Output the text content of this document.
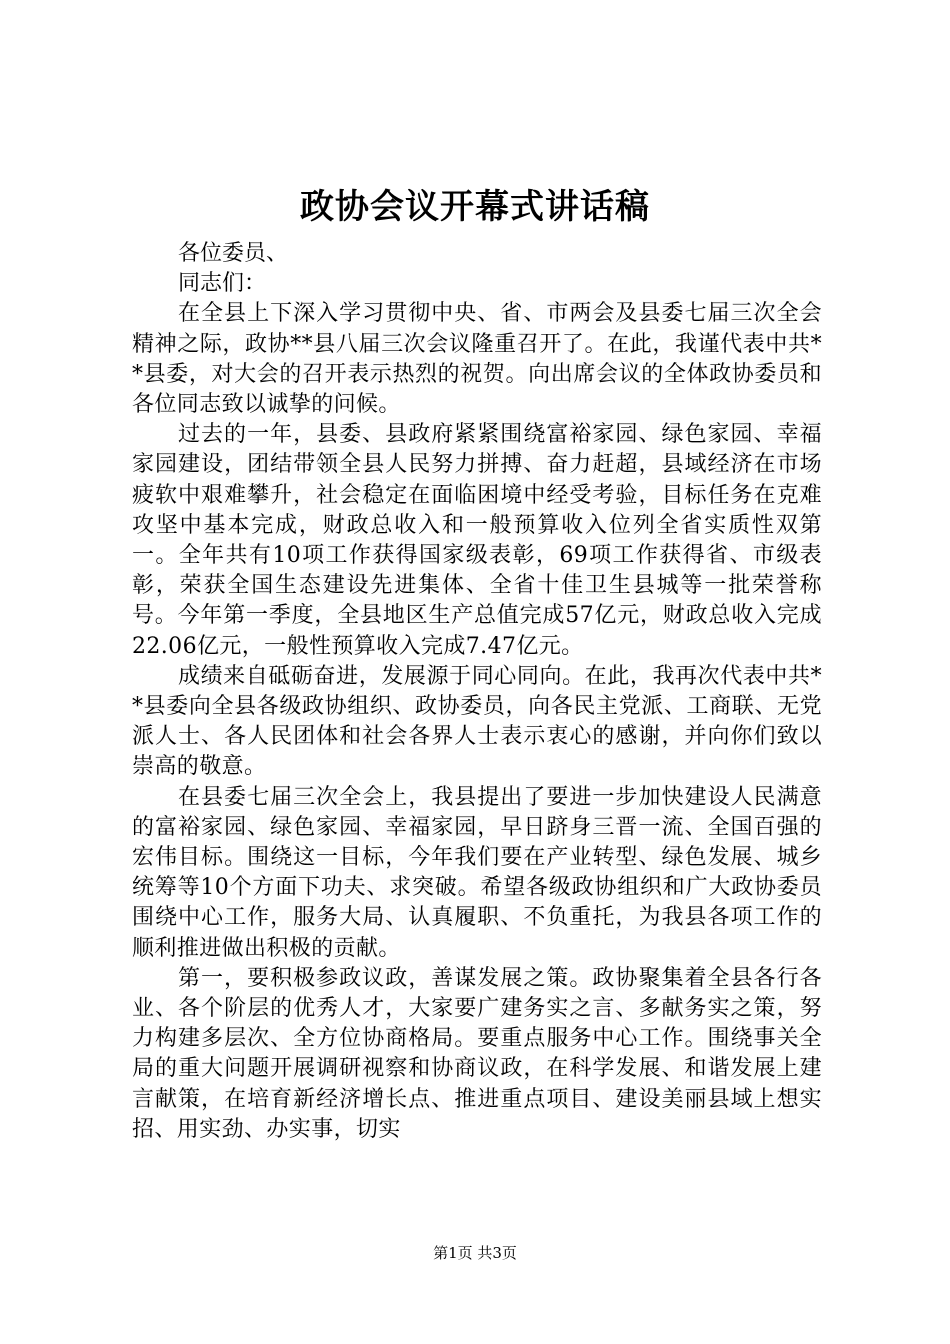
政协会议开幕式讲话稿

各位委员、

同志们：

在全县上下深入学习贯彻中央、省、市两会及县委七届三次全会精神之际，政协**县八届三次会议隆重召开了。在此，我谨代表中共**县委，对大会的召开表示热烈的祝贺。向出席会议的全体政协委员和各位同志致以诚挚的问候。

过去的一年，县委、县政府紧紧围绕富裕家园、绿色家园、幸福家园建设，团结带领全县人民努力拼搏、奋力赶超，县域经济在市场疲软中艰难攀升，社会稳定在面临困境中经受考验，目标任务在克难攻坚中基本完成，财政总收入和一般预算收入位列全省实质性双第一。全年共有10项工作获得国家级表彰，69项工作获得省、市级表彰，荣获全国生态建设先进集体、全省十佳卫生县城等一批荣誉称号。今年第一季度，全县地区生产总值完成57亿元，财政总收入完成22.06亿元，一般性预算收入完成7.47亿元。

成绩来自砥砺奋进，发展源于同心同向。在此，我再次代表中共**县委向全县各级政协组织、政协委员，向各民主党派、工商联、无党派人士、各人民团体和社会各界人士表示衷心的感谢，并向你们致以崇高的敬意。

在县委七届三次全会上，我县提出了要进一步加快建设人民满意的富裕家园、绿色家园、幸福家园，早日跻身三晋一流、全国百强的宏伟目标。围绕这一目标，今年我们要在产业转型、绿色发展、城乡统筹等10个方面下功夫、求突破。希望各级政协组织和广大政协委员围绕中心工作，服务大局、认真履职、不负重托，为我县各项工作的顺利推进做出积极的贡献。

第一，要积极参政议政，善谋发展之策。政协聚集着全县各行各业、各个阶层的优秀人才，大家要广建务实之言、多献务实之策，努力构建多层次、全方位协商格局。要重点服务中心工作。围绕事关全局的重大问题开展调研视察和协商议政，在科学发展、和谐发展上建言献策，在培育新经济增长点、推进重点项目、建设美丽县域上想实招、用实劲、办实事，切实

第1页 共3页
